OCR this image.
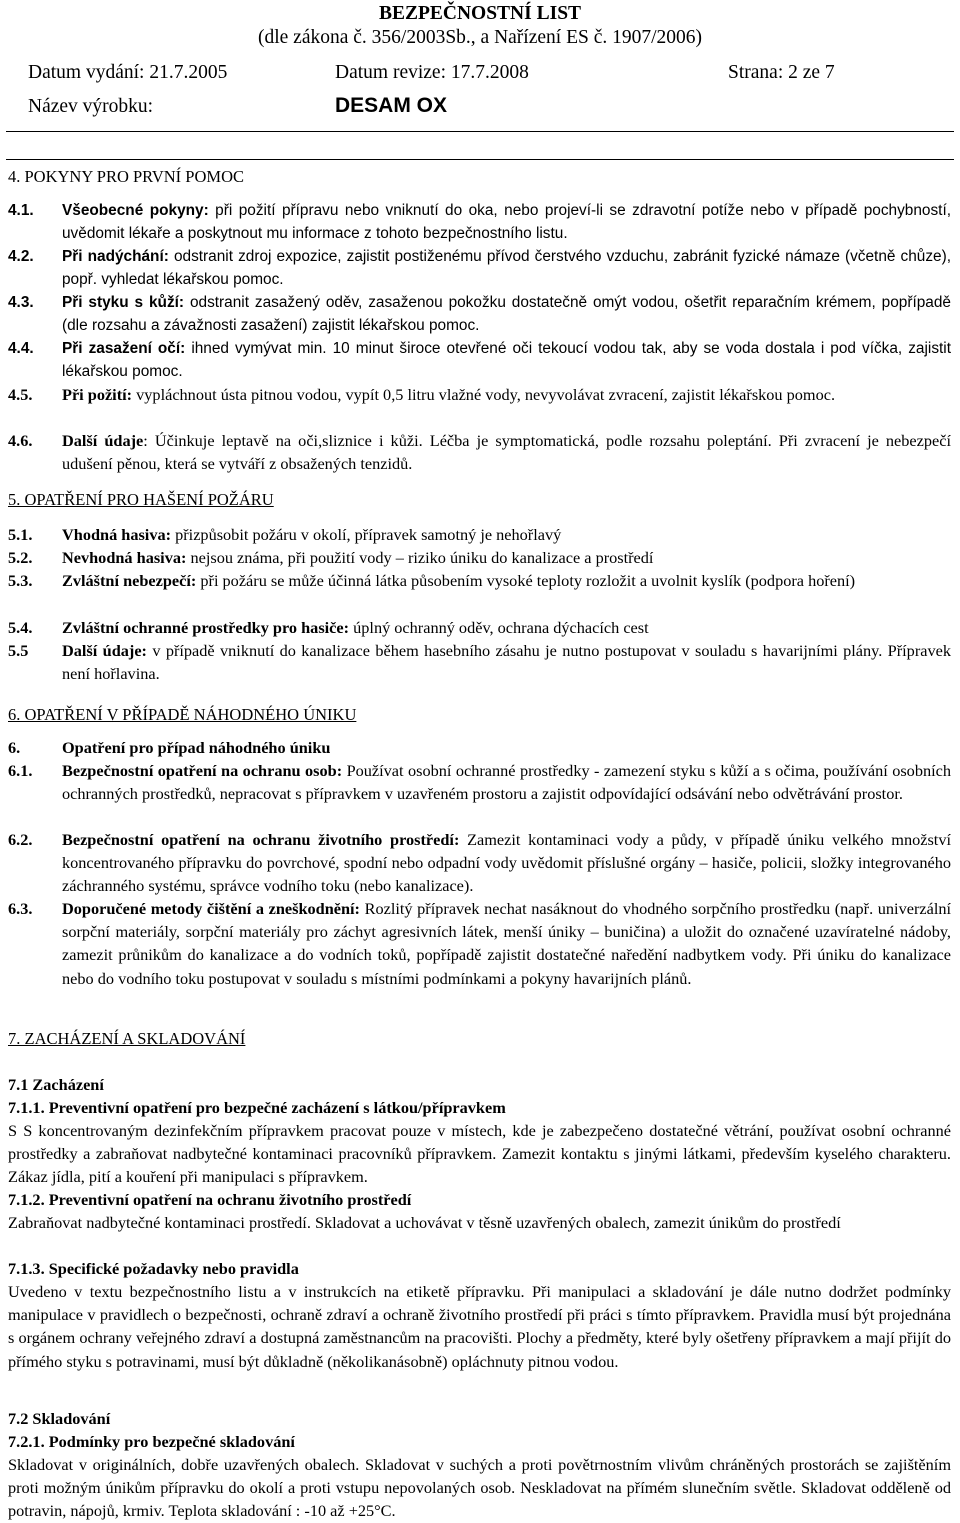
BEZPEČNOSTNÍ LIST
(dle zákona č. 356/2003Sb., a Nařízení ES č. 1907/2006)
Datum vydání: 21.7.2005	Datum revize: 17.7.2008	Strana: 2 ze 7
Název výrobku:	DESAM OX
4. POKYNY PRO PRVNÍ POMOC
4.1. Všeobecné pokyny: při požití přípravu nebo vniknutí do oka, nebo projeví-li se zdravotní potíže nebo v případě pochybností, uvědomit lékaře a poskytnout mu informace z tohoto bezpečnostního listu.
4.2. Při nadýchání: odstranit zdroj expozice, zajistit postiženému přívod čerstvého vzduchu, zabránit fyzické námaze (včetně chůze), popř. vyhledat lékařskou pomoc.
4.3. Při styku s kůží: odstranit zasažený oděv, zasaženou pokožku dostatečně omýt vodou, ošetřit reparačním krémem, popřípadě (dle rozsahu a závažnosti zasažení) zajistit lékařskou pomoc.
4.4. Při zasažení očí: ihned vymývat min. 10 minut široce otevřené oči tekoucí vodou tak, aby se voda dostala i pod víčka, zajistit lékařskou pomoc.
4.5. Při požití: vypláchnout ústa pitnou vodou, vypít 0,5 litru vlažné vody, nevyvolávat zvracení, zajistit lékařskou pomoc.
4.6. Další údaje: Účinkuje leptavě na oči,sliznice i kůži. Léčba je symptomatická, podle rozsahu poleptání. Při zvracení je nebezpečí udušení pěnou, která se vytváří z obsažených tenzidů.
5. OPATŘENÍ PRO HAŠENÍ POŽÁRU
5.1. Vhodná hasiva: přizpůsobit požáru v okolí, přípravek samotný je nehořlavý
5.2. Nevhodná hasiva: nejsou známa, při použití vody – riziko úniku do kanalizace a prostředí
5.3. Zvláštní nebezpečí: při požáru se může účinná látka působením vysoké teploty rozložit a uvolnit kyslík (podpora hoření)
5.4. Zvláštní ochranné prostředky pro hasiče: úplný ochranný oděv, ochrana dýchacích cest
5.5 Další údaje: v případě vniknutí do kanalizace během hasebního zásahu je nutno postupovat v souladu s havarijními plány. Přípravek není hořlavina.
6. OPATŘENÍ V PŘÍPADĚ NÁHODNÉHO ÚNIKU
6.	Opatření pro případ náhodného úniku
6.1. Bezpečnostní opatření na ochranu osob: Používat osobní ochranné prostředky - zamezení styku s kůží a s očima, používání osobních ochranných prostředků, nepracovat s přípravkem v uzavřeném prostoru a zajistit odpovídající odsávání nebo odvětrávání prostor.
6.2. Bezpečnostní opatření na ochranu životního prostředí: Zamezit kontaminaci vody a půdy, v případě úniku velkého množství koncentrovaného přípravku do povrchové, spodní nebo odpadní vody uvědomit příslušné orgány – hasiče, policii, složky integrovaného záchranného systému, správce vodního toku (nebo kanalizace).
6.3. Doporučené metody čištění a zneškodnění: Rozlitý přípravek nechat nasáknout do vhodného sorpčního prostředku (např. univerzální sorpční materiály, sorpční materiály pro záchyt agresivních látek, menší úniky – buničina) a uložit do označené uzavíratelné nádoby, zamezit průnikům do kanalizace a do vodních toků, popřípadě zajistit dostatečné naředění nadbytkem vody. Při úniku do kanalizace nebo do vodního toku postupovat v souladu s místními podmínkami a pokyny havarijních plánů.
7. ZACHÁZENÍ A SKLADOVÁNÍ
7.1 Zacházení
7.1.1. Preventivní opatření pro bezpečné zacházení s látkou/přípravkem
S S koncentrovaným dezinfekčním přípravkem pracovat pouze v místech, kde je zabezpečeno dostatečné větrání, používat osobní ochranné prostředky a zabraňovat nadbytečné kontaminaci pracovníků přípravkem. Zamezit kontaktu s jinými látkami, především kyselého charakteru. Zákaz jídla, pití a kouření při manipulaci s přípravkem.
7.1.2. Preventivní opatření na ochranu životního prostředí
Zabraňovat nadbytečné kontaminaci prostředí. Skladovat a uchovávat v těsně uzavřených obalech, zamezit únikům do prostředí
7.1.3. Specifické požadavky nebo pravidla
Uvedeno v textu bezpečnostního listu a v instrukcích na etiketě přípravku. Při manipulaci a skladování je dále nutno dodržet podmínky manipulace v pravidlech o bezpečnosti, ochraně zdraví a ochraně životního prostředí při práci s tímto přípravkem. Pravidla musí být projednána s orgánem ochrany veřejného zdraví a dostupná zaměstnancům na pracovišti. Plochy a předměty, které byly ošetřeny přípravkem a mají přijít do přímého styku s potravinami, musí být důkladně (několikanásobně) opláchnuty pitnou vodou.
7.2 Skladování
7.2.1. Podmínky pro bezpečné skladování
Skladovat v originálních, dobře uzavřených obalech. Skladovat v suchých a proti povětrnostním vlivům chráněných prostorách se zajištěním proti možným únikům přípravku do okolí a proti vstupu nepovolaných osob. Neskladovat na přímém slunečním světle. Skladovat odděleně od potravin, nápojů, krmiv. Teplota skladování : -10 až +25°C.
